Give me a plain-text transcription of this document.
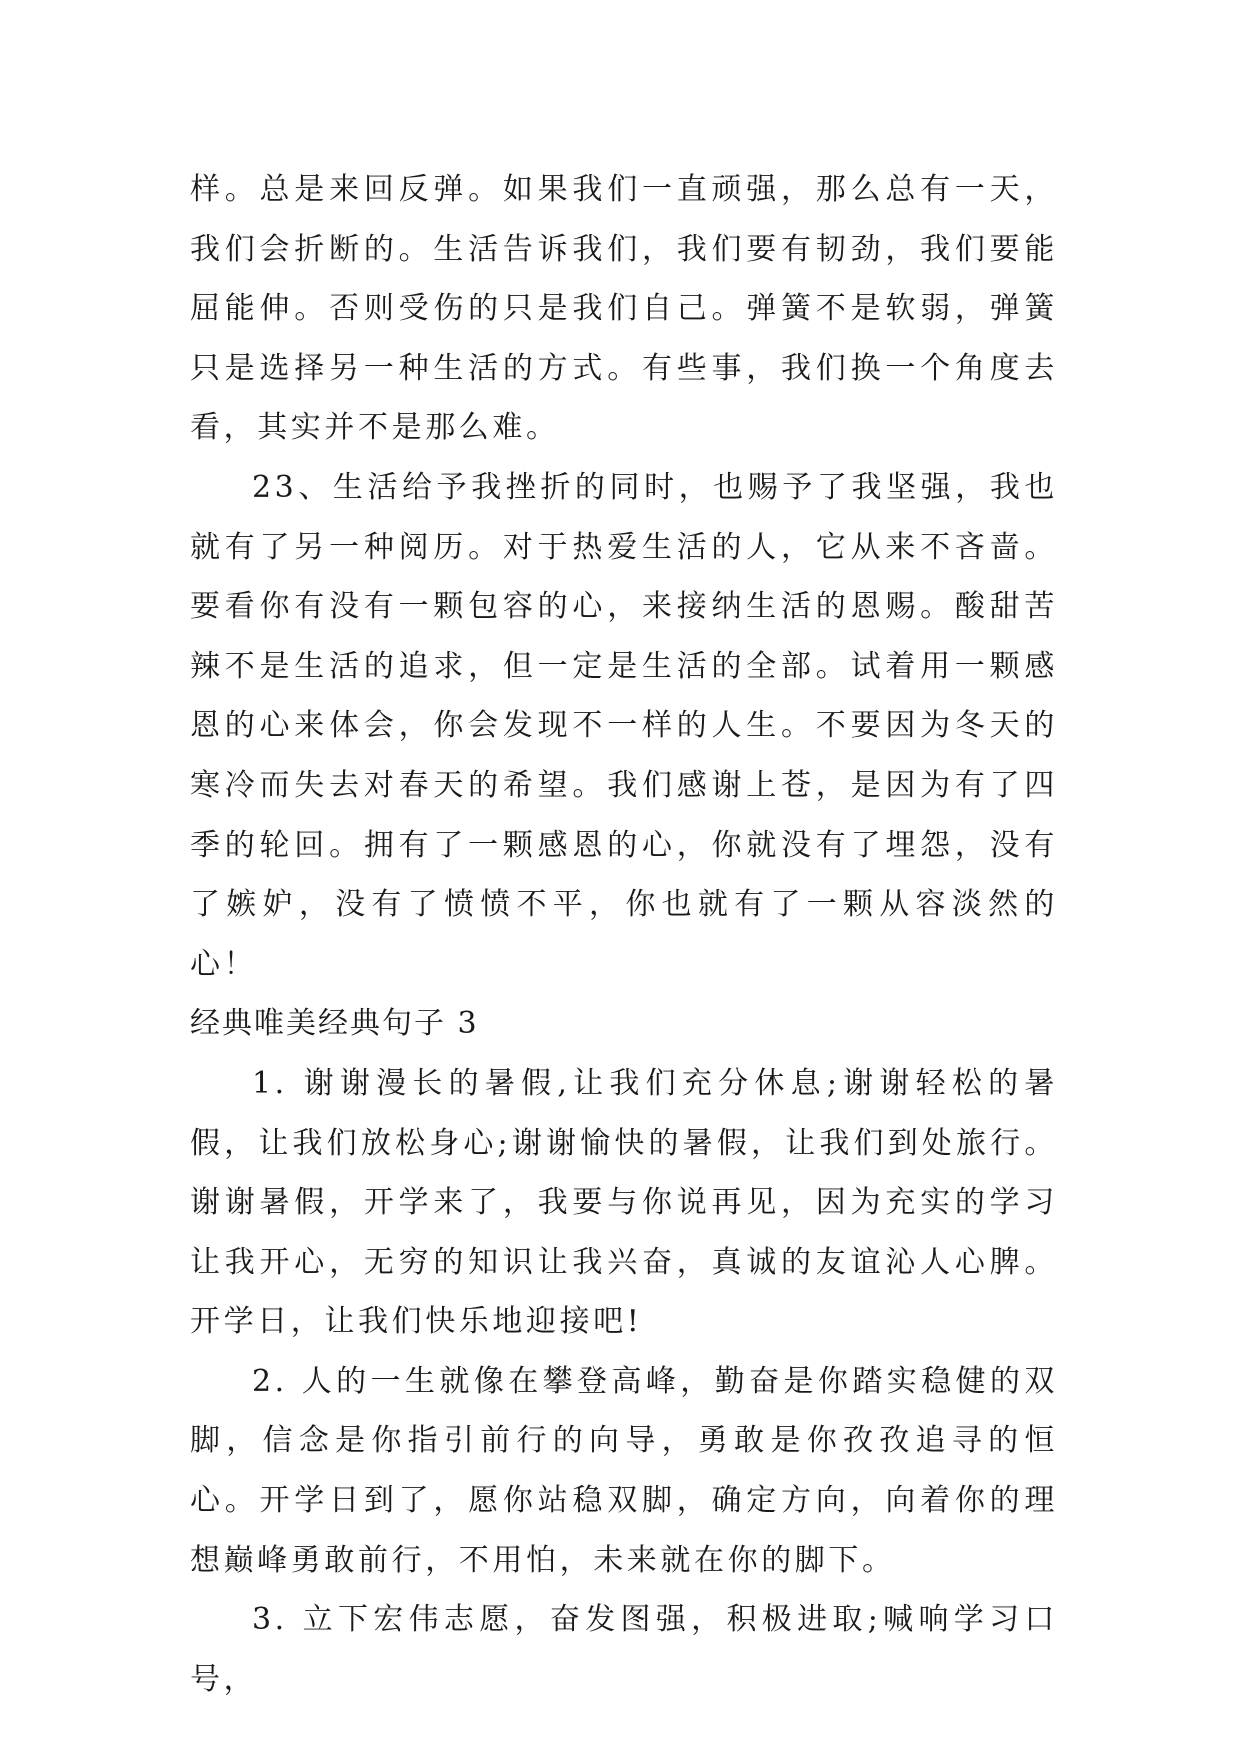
样。总是来回反弹。如果我们一直顽强，那么总有一天，我们会折断的。生活告诉我们，我们要有韧劲，我们要能屈能伸。否则受伤的只是我们自己。弹簧不是软弱，弹簧只是选择另一种生活的方式。有些事，我们换一个角度去看，其实并不是那么难。

23、生活给予我挫折的同时，也赐予了我坚强，我也就有了另一种阅历。对于热爱生活的人，它从来不吝啬。 要看你有没有一颗包容的心，来接纳生活的恩赐。酸甜苦辣不是生活的追求，但一定是生活的全部。试着用一颗感恩的心来体会，你会发现不一样的人生。不要因为冬天的寒冷而失去对春天的希望。我们感谢上苍，是因为有了四季的轮回。拥有了一颗感恩的心，你就没有了埋怨，没有了嫉妒，没有了愤愤不平，你也就有了一颗从容淡然的心！

经典唯美经典句子 3

1. 谢谢漫长的暑假,让我们充分休息;谢谢轻松的暑假，让我们放松身心;谢谢愉快的暑假，让我们到处旅行。谢谢暑假，开学来了，我要与你说再见，因为充实的学习让我开心，无穷的知识让我兴奋，真诚的友谊沁人心脾。开学日，让我们快乐地迎接吧!

2. 人的一生就像在攀登高峰，勤奋是你踏实稳健的双脚，信念是你指引前行的向导，勇敢是你孜孜追寻的恒心。开学日到了，愿你站稳双脚，确定方向，向着你的理想巅峰勇敢前行，不用怕，未来就在你的脚下。

3. 立下宏伟志愿，奋发图强，积极进取;喊响学习口号，
